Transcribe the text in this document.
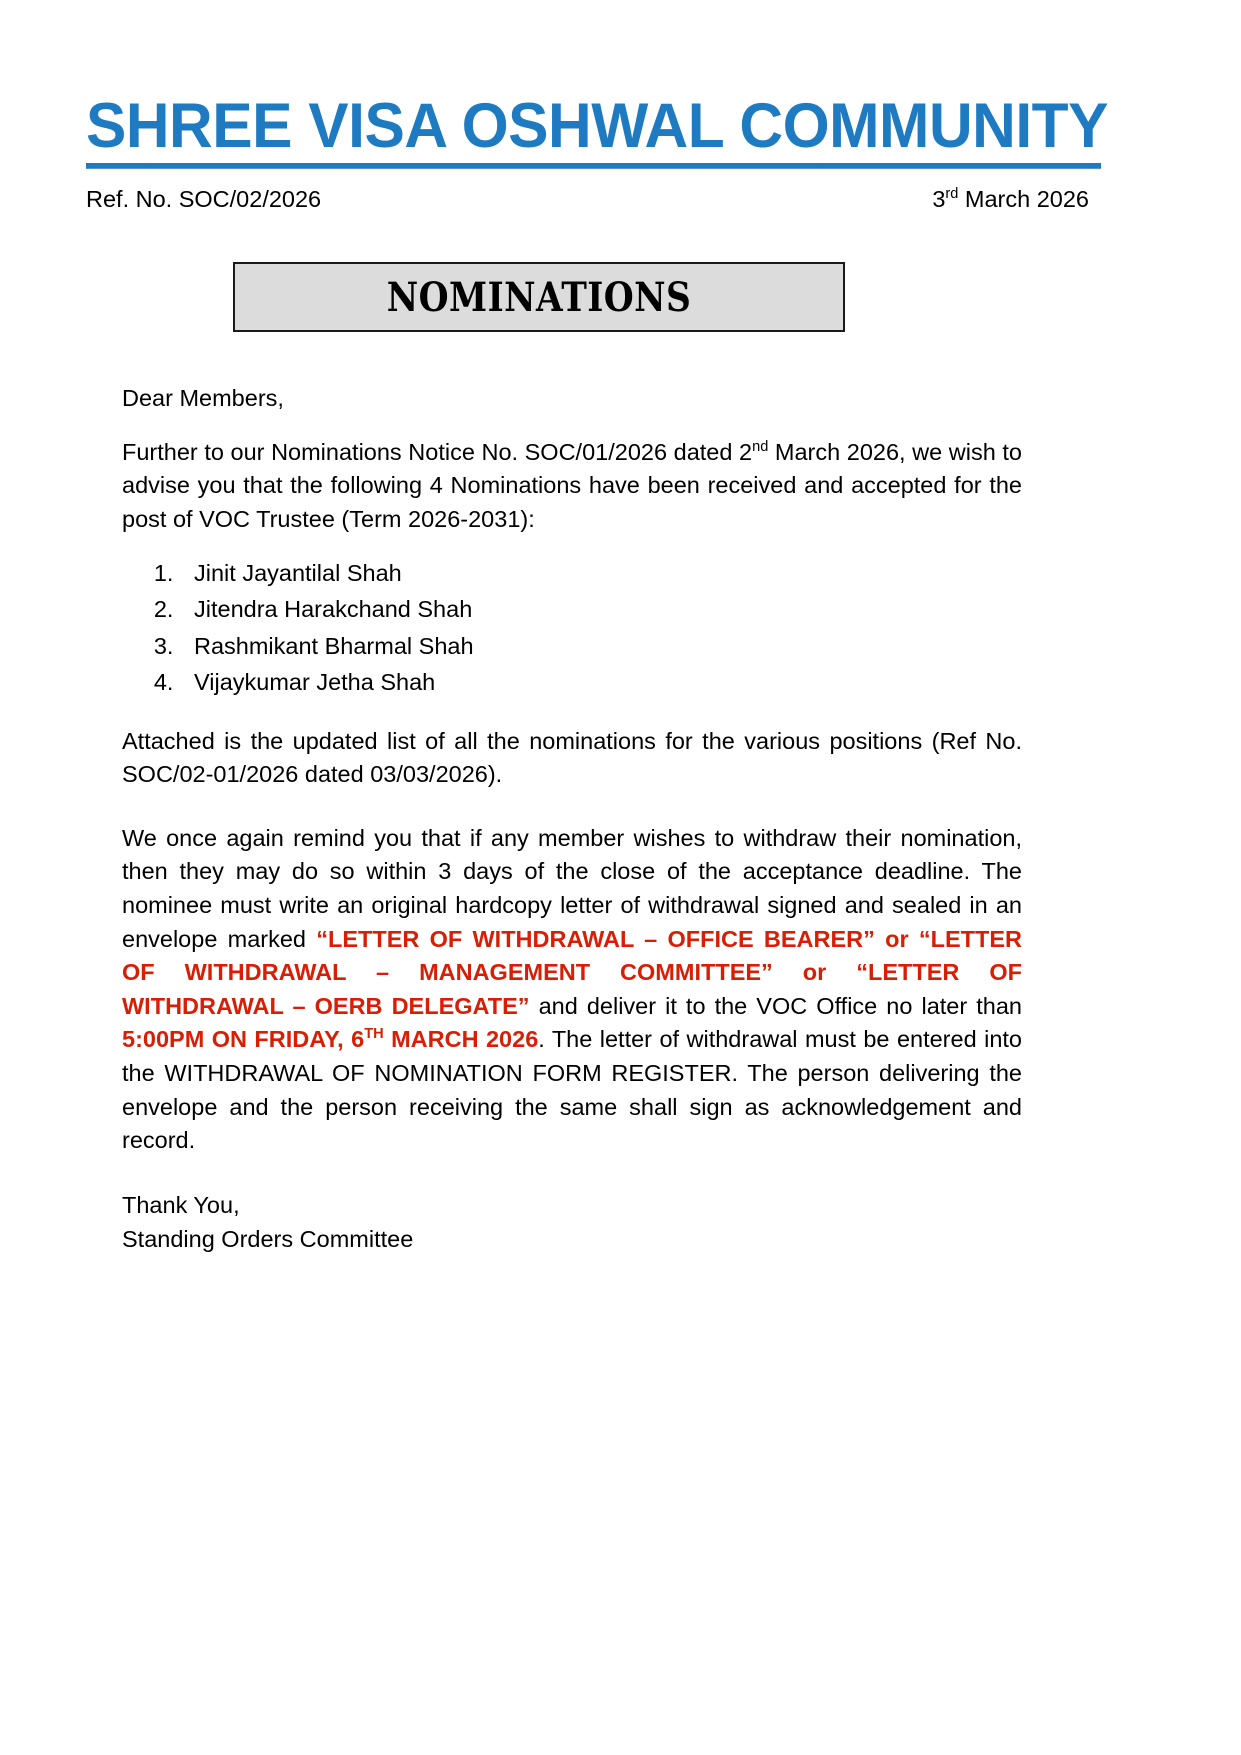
SHREE VISA OSHWAL COMMUNITY
Ref. No. SOC/02/2026	3rd March 2026
NOMINATIONS

Dear Members,

Further to our Nominations Notice No. SOC/01/2026 dated 2nd March 2026, we wish to advise you that the following 4 Nominations have been received and accepted for the post of VOC Trustee (Term 2026-2031):

1. Jinit Jayantilal Shah
2. Jitendra Harakchand Shah
3. Rashmikant Bharmal Shah
4. Vijaykumar Jetha Shah

Attached is the updated list of all the nominations for the various positions (Ref No. SOC/02-01/2026 dated 03/03/2026).

We once again remind you that if any member wishes to withdraw their nomination, then they may do so within 3 days of the close of the acceptance deadline. The nominee must write an original hardcopy letter of withdrawal signed and sealed in an envelope marked “LETTER OF WITHDRAWAL – OFFICE BEARER” or “LETTER OF WITHDRAWAL – MANAGEMENT COMMITTEE” or “LETTER OF WITHDRAWAL – OERB DELEGATE” and deliver it to the VOC Office no later than 5:00PM ON FRIDAY, 6TH MARCH 2026. The letter of withdrawal must be entered into the WITHDRAWAL OF NOMINATION FORM REGISTER. The person delivering the envelope and the person receiving the same shall sign as acknowledgement and record.

Thank You,
Standing Orders Committee
